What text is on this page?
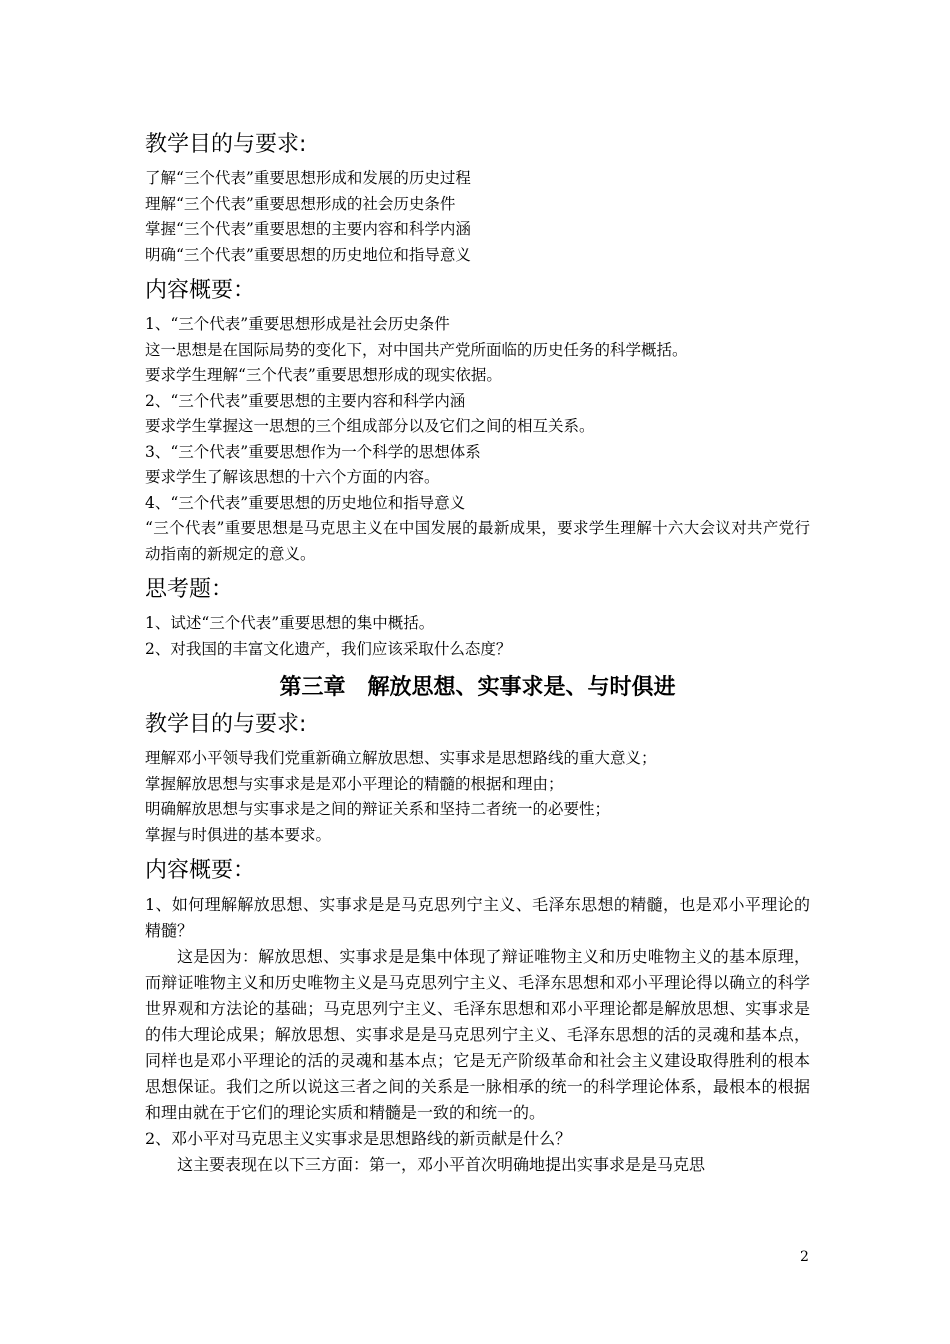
教学目的与要求:

了解“三个代表”重要思想形成和发展的历史过程

理解“三个代表”重要思想形成的社会历史条件

掌握“三个代表”重要思想的主要内容和科学内涵

明确“三个代表”重要思想的历史地位和指导意义

内容概要：

1、“三个代表”重要思想形成是社会历史条件

这一思想是在国际局势的变化下，对中国共产党所面临的历史任务的科学概括。

要求学生理解“三个代表”重要思想形成的现实依据。

2、“三个代表”重要思想的主要内容和科学内涵

要求学生掌握这一思想的三个组成部分以及它们之间的相互关系。

3、“三个代表”重要思想作为一个科学的思想体系

要求学生了解该思想的十六个方面的内容。

4、“三个代表”重要思想的历史地位和指导意义

“三个代表”重要思想是马克思主义在中国发展的最新成果，要求学生理解十六大会议对共产党行动指南的新规定的意义。

思考题：

1、试述“三个代表”重要思想的集中概括。

2、对我国的丰富文化遗产，我们应该采取什么态度？

第三章　解放思想、实事求是、与时俱进
教学目的与要求:

理解邓小平领导我们党重新确立解放思想、实事求是思想路线的重大意义；

掌握解放思想与实事求是是邓小平理论的精髓的根据和理由；

明确解放思想与实事求是之间的辩证关系和坚持二者统一的必要性；

掌握与时俱进的基本要求。

内容概要：

1、如何理解解放思想、实事求是是马克思列宁主义、毛泽东思想的精髓，也是邓小平理论的精髓？

这是因为：解放思想、实事求是是集中体现了辩证唯物主义和历史唯物主义的基本原理，而辩证唯物主义和历史唯物主义是马克思列宁主义、毛泽东思想和邓小平理论得以确立的科学世界观和方法论的基础；马克思列宁主义、毛泽东思想和邓小平理论都是解放思想、实事求是的伟大理论成果；解放思想、实事求是是马克思列宁主义、毛泽东思想的活的灵魂和基本点，同样也是邓小平理论的活的灵魂和基本点；它是无产阶级革命和社会主义建设取得胜利的根本思想保证。我们之所以说这三者之间的关系是一脉相承的统一的科学理论体系，最根本的根据和理由就在于它们的理论实质和精髓是一致的和统一的。

2、邓小平对马克思主义实事求是思想路线的新贡献是什么？

这主要表现在以下三方面：第一，邓小平首次明确地提出实事求是是马克思

2
